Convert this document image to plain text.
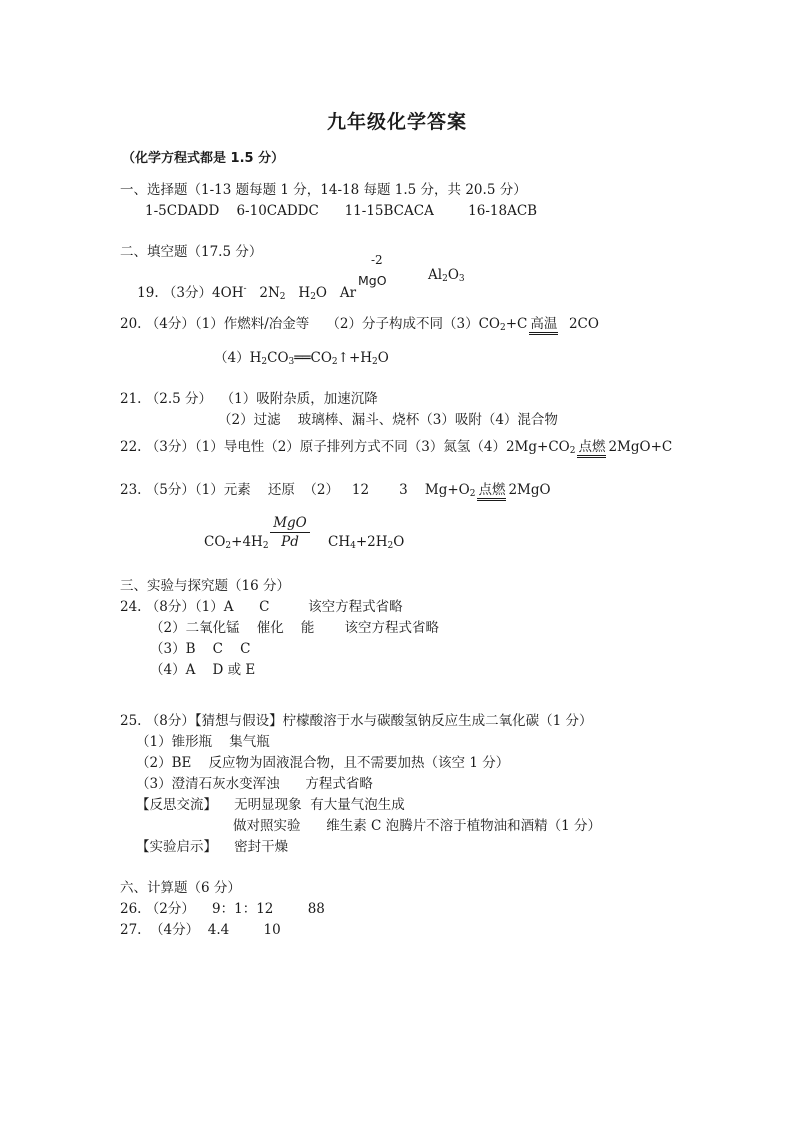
九年级化学答案
（化学方程式都是 1.5 分）
一、选择题（1-13 题每题 1 分，14-18 每题 1.5 分，共 20.5 分）
1-5CDADD    6-10CADDC      11-15BCACA        16-18ACB
二、填空题（17.5 分）

19. （3分）4OH- $2N_2$ $H_2O$ Ar

-2
MgO	$Al_2O_3$
20. （4分）（1）作燃料/冶金等    （2）分子构成不同$(3)CO_2+C$ 高温  2CO
$(4)H_2CO_3══CO_2↑+H_2O$
21. （2.5 分） （1）吸附杂质，加速沉降
（2）过滤    玻璃棒、漏斗、烧杯（3）吸附（4）混合物
22. （3分）（1）导电性（2）原子排列方式不同（3）氮氢$(4)2Mg+CO_2$ 点燃 2MgO+C
23. （5分）（1）元素    还原  （2）   12       3    $Mg+O_2$ 点燃 2MgO
$CO_2+4H_2$
MgO
Pd	$CH_4+2H_2O$
三、实验与探究题（16 分）
24. （8分）（1）A      C         该空方程式省略
（2）二氧化锰    催化    能       该空方程式省略
（3）B    C    C
（4）A    D 或 E
25. （8分）【猜想与假设】柠檬酸溶于水与碳酸氢钠反应生成二氧化碳（1 分）
（1）锥形瓶    集气瓶
（2）BE    反应物为固液混合物，且不需要加热（该空 1 分）
（3）澄清石灰水变浑浊      方程式省略
【反思交流】    无明显现象  有大量气泡生成
做对照实验      维生素 C 泡腾片不溶于植物油和酒精（1 分）
【实验启示】    密封干燥
六、计算题（6 分）
26. （2分）    9：1：12        88
27.  （4分）  4.4        10
